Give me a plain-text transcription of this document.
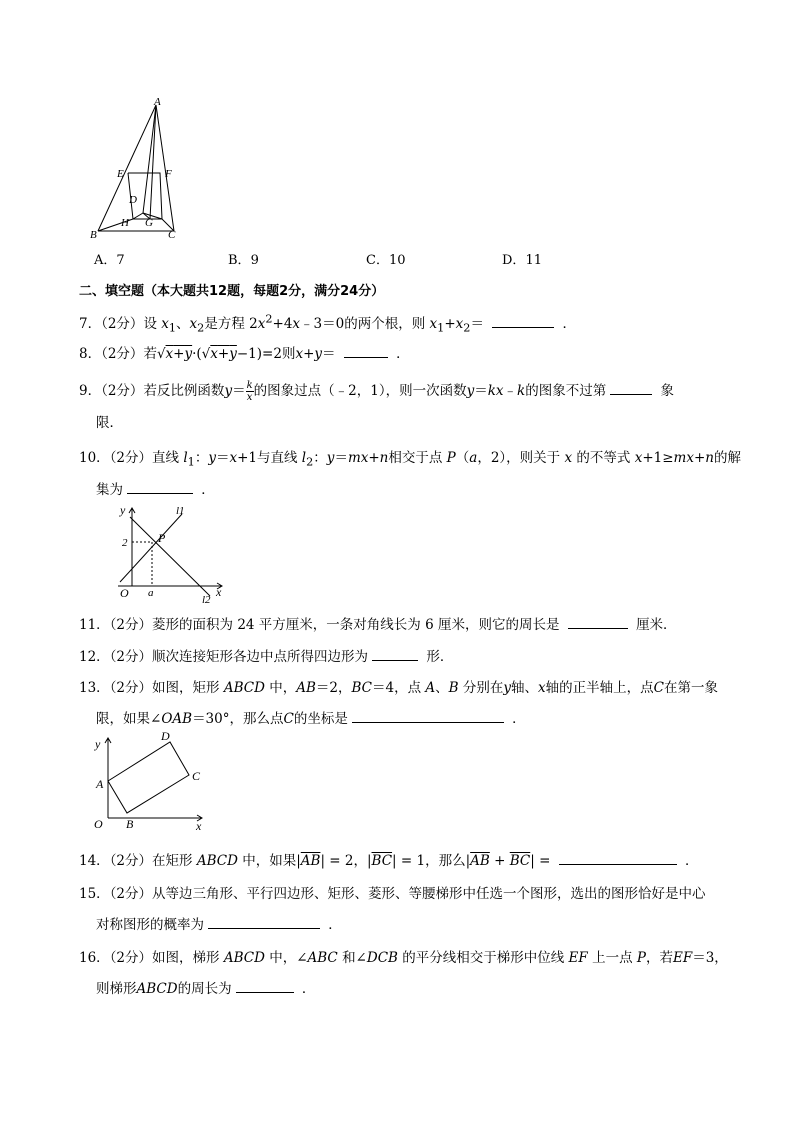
A
E	F
D
H G
B	C
A．7	B．9	C．10	D．11
二、填空题（本大题共12题，每题2分，满分24分）
7．（2分）设 $x_1$、$x_2$是方程 $2x^2+4x﹣3=0$的两个根，则 $x_1+x_2=$	．
8．（2分）若√x+y·(√x+y−1)=2则x+y＝	．
9．（2分）若反比例函数$y= \frac{k}{x}$ 的图象过点（﹣2，1），则一次函数y＝kx﹣k的图象不过第	象
限．
10．（2分）直线 $l_1$：y＝x+1与直线 $l_2$：y＝mx+n相交于点 P（a，2），则关于 x 的不等式 x+1≥mx+n的解
集为	．
y	l1
2	P
O a	x
l2
11．（2分）菱形的面积为 24 平方厘米，一条对角线长为 6 厘米，则它的周长是	厘米．
12．（2分）顺次连接矩形各边中点所得四边形为	形．
13．（2分）如图，矩形 ABCD 中，AB＝2，BC＝4，点 A、B 分别在y轴、x轴的正半轴上，点C在第一象
限，如果∠OAB＝30°，那么点C的坐标是	．
y
D
A
C
O B	x
14．（2分）在矩形 ABCD 中，如果$|\overline{AB}| = 2$，$|\overline{BC}| = 1$，那么$|\overline{AB} + \overline{BC}|$ =	．
15．（2分）从等边三角形、平行四边形、矩形、菱形、等腰梯形中任选一个图形，选出的图形恰好是中心
对称图形的概率为	．
16．（2分）如图，梯形 ABCD 中，∠ABC 和∠DCB 的平分线相交于梯形中位线 EF 上一点 P，若EF＝3，
则梯形ABCD的周长为	．
